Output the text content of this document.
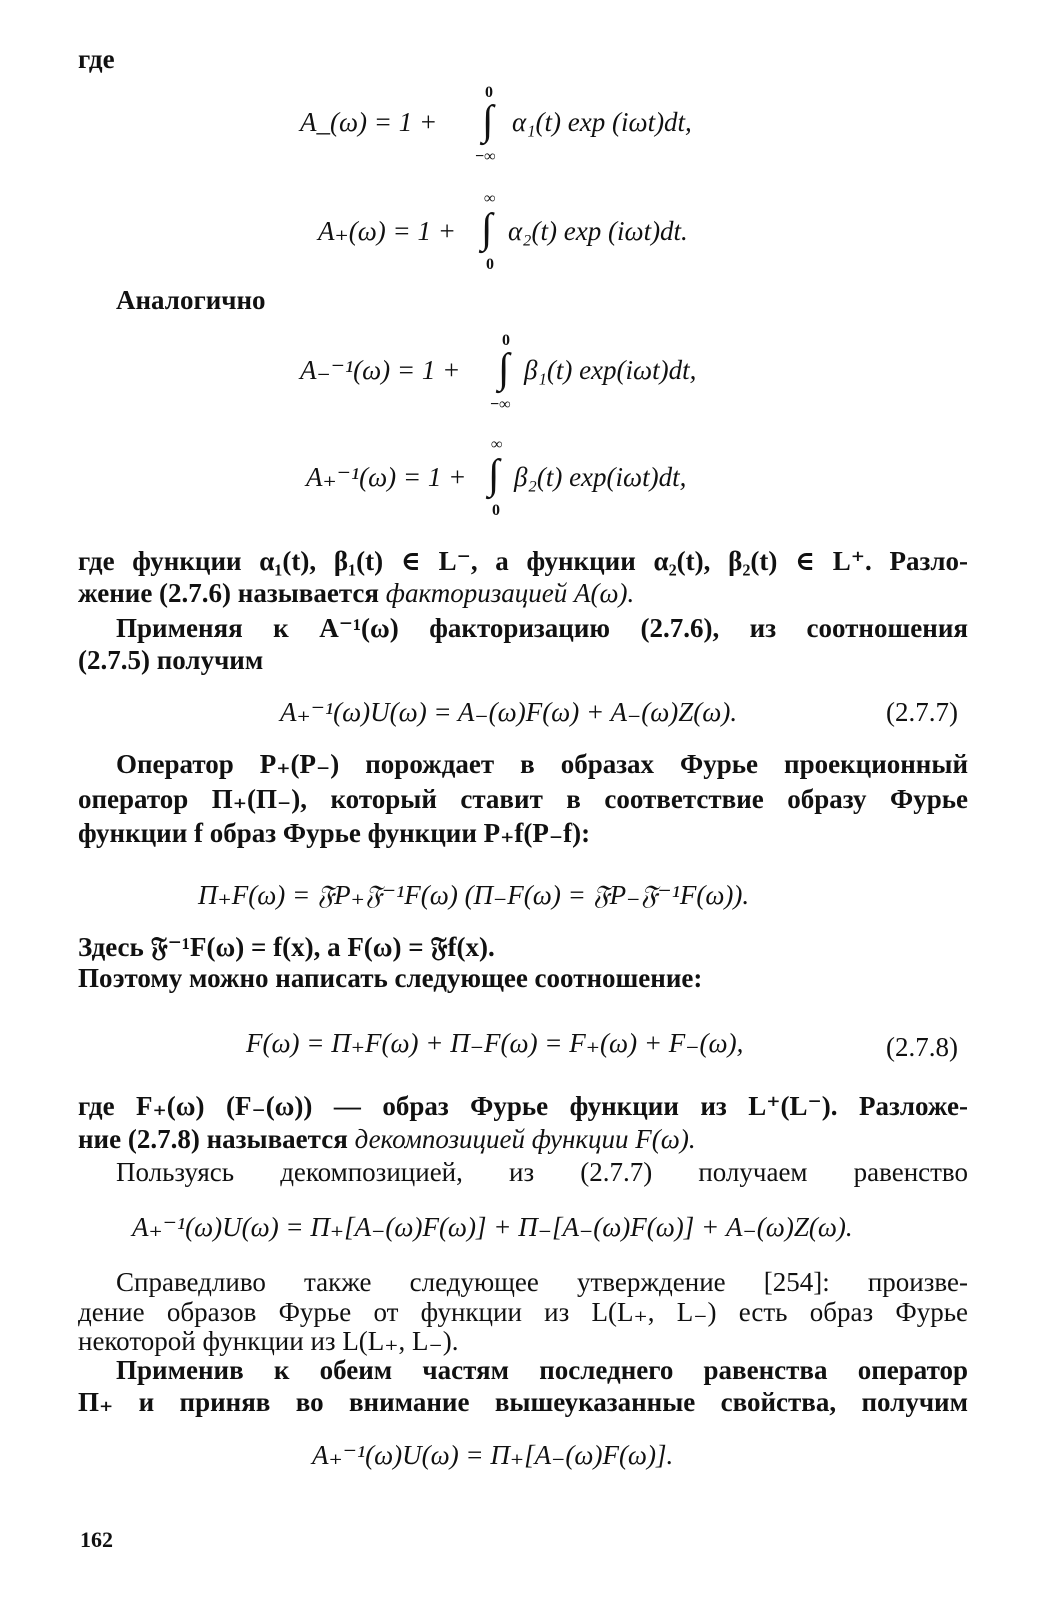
где
A_(ω) = 1 +
0
∫
−∞
α₁(t) exp (iωt)dt,
A₊(ω) = 1 +
∞
∫
0
α₂(t) exp (iωt)dt.
Аналогично
A₋⁻¹(ω) = 1 +
0
∫
−∞
β₁(t) exp(iωt)dt,
A₊⁻¹(ω) = 1 +
∞
∫
0
β₂(t) exp(iωt)dt,
где функции α₁(t), β₁(t) ∈ L⁻, а функции α₂(t), β₂(t) ∈ L⁺. Разло-
жение (2.7.6) называется факторизацией A(ω).
Применяя к A⁻¹(ω) факторизацию (2.7.6), из соотношения
(2.7.5) получим
A₊⁻¹(ω)U(ω) = A₋(ω)F(ω) + A₋(ω)Z(ω).	(2.7.7)
Оператор P₊(P₋) порождает в образах Фурье проекционный
оператор Π₊(Π₋), который ставит в соответствие образу Фурье
функции f образ Фурье функции P₊f(P₋f):
Π₊F(ω) = 𝔉P₊𝔉⁻¹F(ω) (Π₋F(ω) = 𝔉P₋𝔉⁻¹F(ω)).
Здесь 𝔉⁻¹F(ω) = f(x), а F(ω) = 𝔉f(x).
Поэтому можно написать следующее соотношение:
F(ω) = Π₊F(ω) + Π₋F(ω) = F₊(ω) + F₋(ω),	(2.7.8)
где F₊(ω) (F₋(ω)) — образ Фурье функции из L⁺(L⁻). Разложе-
ние (2.7.8) называется декомпозицией функции F(ω).
Пользуясь декомпозицией, из (2.7.7) получаем равенство
A₊⁻¹(ω)U(ω) = Π₊[A₋(ω)F(ω)] + Π₋[A₋(ω)F(ω)] + A₋(ω)Z(ω).
Справедливо также следующее утверждение [254]: произве-
дение образов Фурье от функции из L(L₊, L₋) есть образ Фурье
некоторой функции из L(L₊, L₋).
Применив к обеим частям последнего равенства оператор
Π₊ и приняв во внимание вышеуказанные свойства, получим
A₊⁻¹(ω)U(ω) = Π₊[A₋(ω)F(ω)].
162
